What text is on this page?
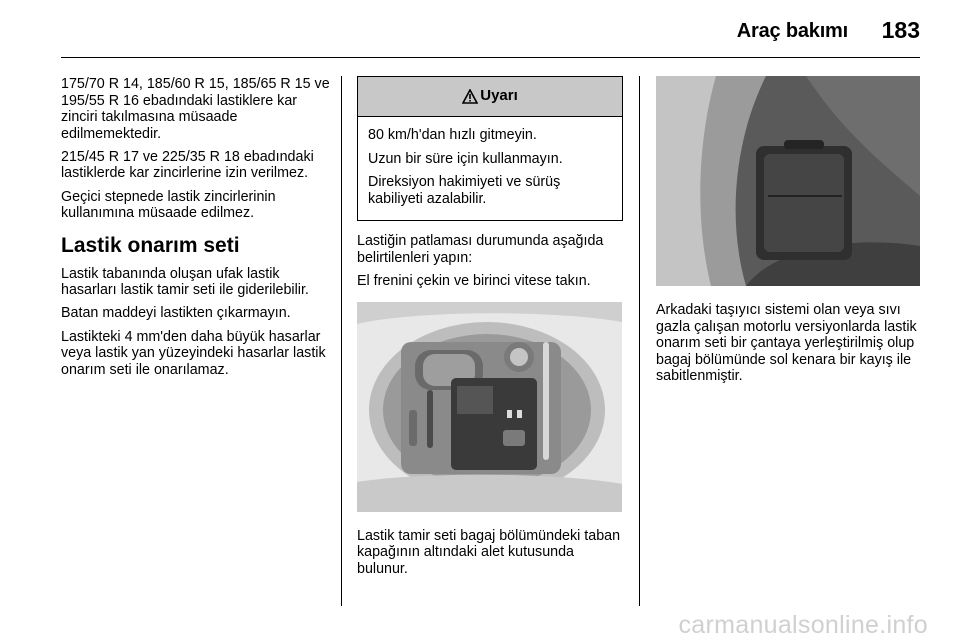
Araç bakımı 183

175/70 R 14, 185/60 R 15, 185/65 R 15 ve 195/55 R 16 ebadındaki lastiklere kar zinciri takılmasına müsaade edilmemektedir.

215/45 R 17 ve 225/35 R 18 ebadındaki lastiklerde kar zincirlerine izin verilmez.

Geçici stepnede lastik zincirlerinin kullanımına müsaade edilmez.

Lastik onarım seti

Lastik tabanında oluşan ufak lastik hasarları lastik tamir seti ile giderilebilir.

Batan maddeyi lastikten çıkarmayın.

Lastikteki 4 mm'den daha büyük hasarlar veya lastik yan yüzeyindeki hasarlar lastik onarım seti ile onarılamaz.

Uyarı

80 km/h'dan hızlı gitmeyin.

Uzun bir süre için kullanmayın.

Direksiyon hakimiyeti ve sürüş kabiliyeti azalabilir.

Lastiğin patlaması durumunda aşağıda belirtilenleri yapın:

El frenini çekin ve birinci vitese takın.

Lastik tamir seti bagaj bölümündeki taban kapağının altındaki alet kutusunda bulunur.

Arkadaki taşıyıcı sistemi olan veya sıvı gazla çalışan motorlu versiyonlarda lastik onarım seti bir çantaya yerleştirilmiş olup bagaj bölümünde sol kenara bir kayış ile sabitlenmiştir.

carmanualsonline.info
